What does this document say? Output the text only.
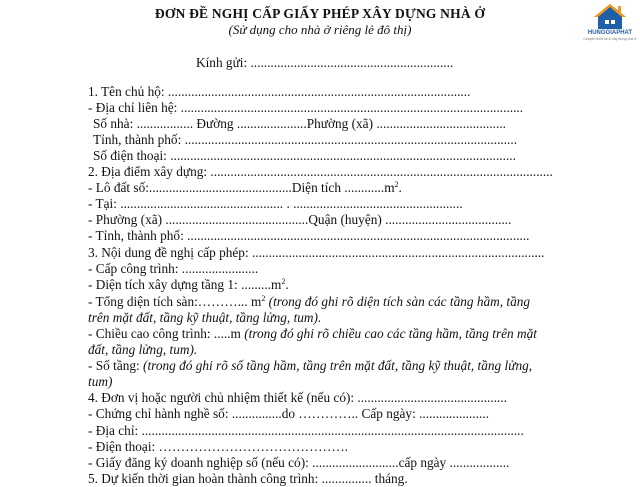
ĐƠN ĐỀ NGHỊ CẤP GIẤY PHÉP XÂY DỰNG NHÀ Ở
(Sử dụng cho nhà ở riêng lẻ đô thị)	HUNGGIAPHAT
Chuyên thiết kế & xây dựng nhà ở
Kính gửi: .............................................................
1. Tên chủ hộ: ...........................................................................................
- Địa chỉ liên hệ: .......................................................................................................
Số nhà: ................. Đường .....................Phường (xã) .......................................
Tỉnh, thành phố: ....................................................................................................
Số điện thoại: ........................................................................................................
2. Địa điểm xây dựng: .......................................................................................................
- Lô đất số:...........................................Diện tích $............m^2$.
- Tại: ................................................. . ...................................................
- Phường (xã) ...........................................Quận (huyện) ......................................
- Tỉnh, thành phố: .......................................................................................................
3. Nội dung đề nghị cấp phép: ........................................................................................
- Cấp công trình: .......................
- Diện tích xây dựng tầng 1: $.........m^2$.
- Tổng diện tích sàn:………... $m^2$ (trong đó ghi rõ diện tích sàn các tầng hầm, tầng
trên mặt đất, tầng kỹ thuật, tầng lửng, tum).
- Chiều cao công trình: .....m (trong đó ghi rõ chiều cao các tầng hầm, tầng trên mặt
đất, tầng lửng, tum).
- Số tầng: (trong đó ghi rõ số tầng hầm, tầng trên mặt đất, tầng kỹ thuật, tầng lửng,
tum)
4. Đơn vị hoặc người chủ nhiệm thiết kế (nếu có): .............................................
- Chứng chỉ hành nghề số: ...............do ………….. Cấp ngày: .....................
- Địa chỉ: ...................................................................................................................
- Điện thoại: …………………………………….
- Giấy đăng ký doanh nghiệp số (nếu có): ..........................cấp ngày ..................
5. Dự kiến thời gian hoàn thành công trình: ............... tháng.
